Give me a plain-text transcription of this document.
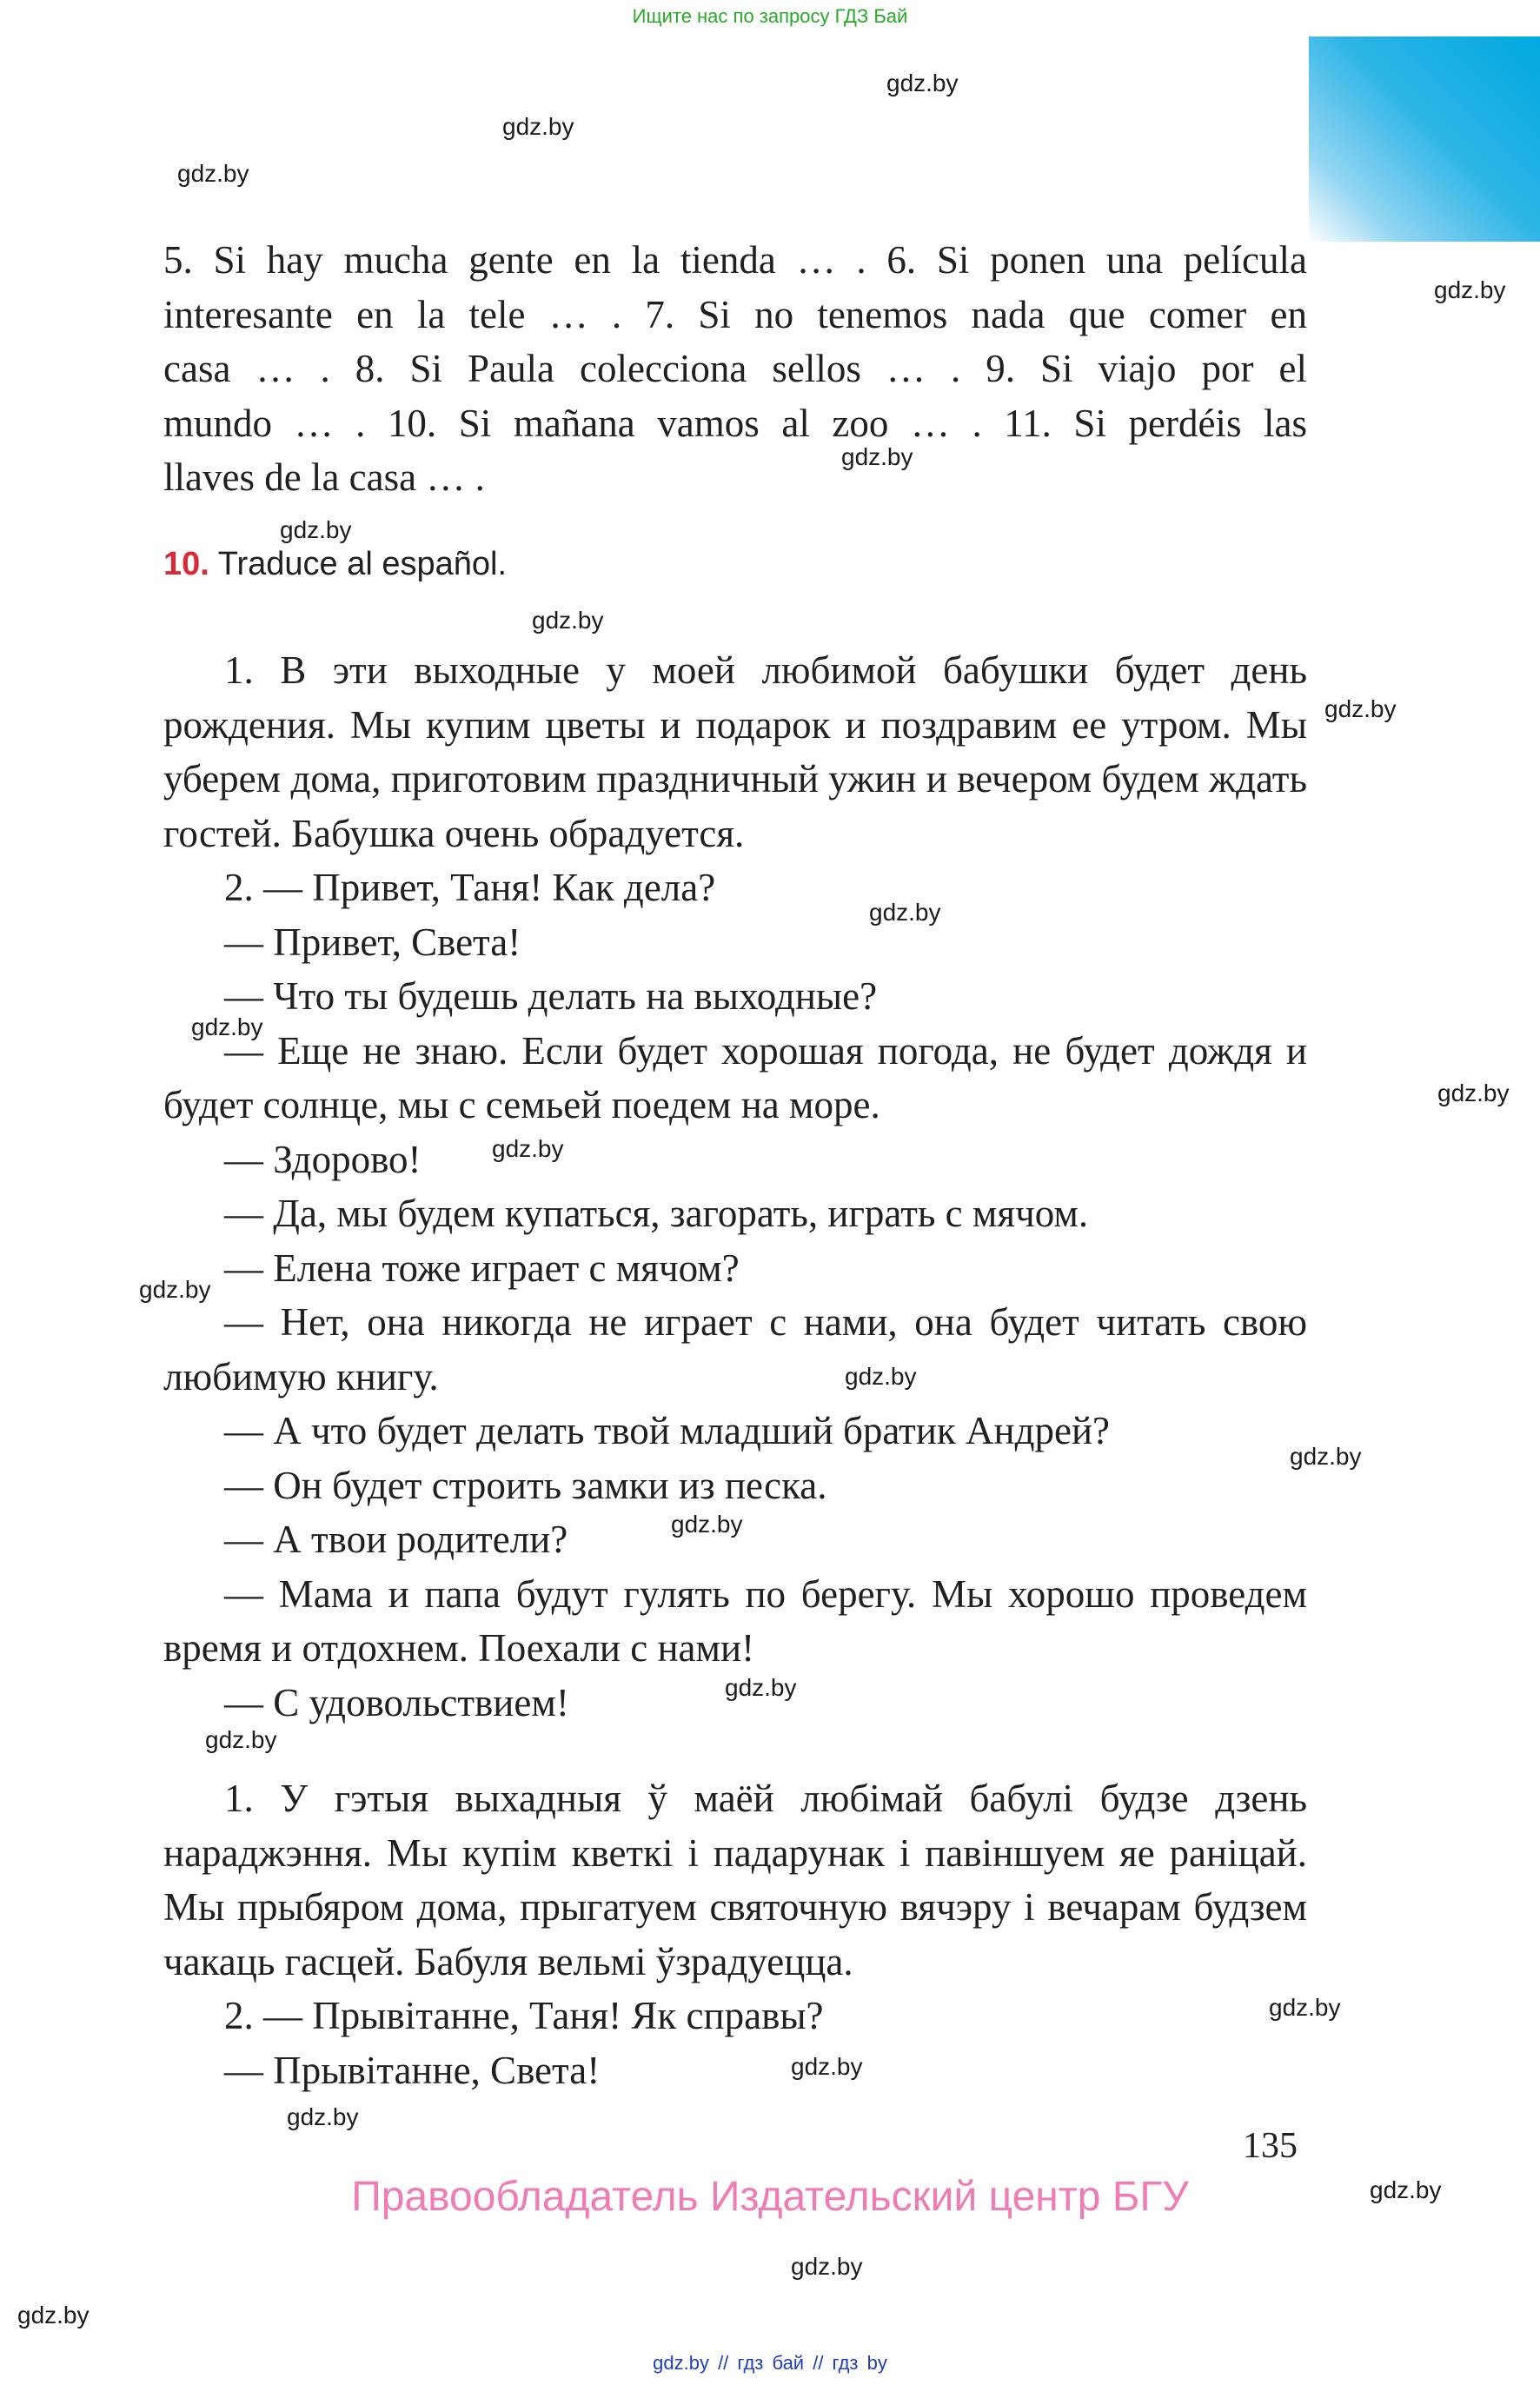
Ищите нас по запросу ГДЗ Бай
5. Si hay mucha gente en la tienda … . 6. Si ponen una película
interesante en la tele … . 7. Si no tenemos nada que comer en
casa … . 8. Si Paula colecciona sellos … . 9. Si viajo por el
mundo … . 10. Si mañana vamos al zoo … . 11. Si perdéis las
llaves de la casa … .
10. Traduce al español.

1. В эти выходные у моей любимой бабушки будет день рождения. Мы купим цветы и подарок и поздравим ее утром. Мы уберем дома, приготовим праздничный ужин и вечером будем ждать гостей. Бабушка очень обрадуется.

2. — Привет, Таня! Как дела?

— Привет, Света!

— Что ты будешь делать на выходные?

— Еще не знаю. Если будет хорошая погода, не будет дождя и будет солнце, мы с семьей поедем на море.

— Здорово!

— Да, мы будем купаться, загорать, играть с мячом.

— Елена тоже играет с мячом?

— Нет, она никогда не играет с нами, она будет читать свою любимую книгу.

— А что будет делать твой младший братик Андрей?

— Он будет строить замки из песка.

— А твои родители?

— Мама и папа будут гулять по берегу. Мы хорошо проведем время и отдохнем. Поехали с нами!

— С удовольствием!

1. У гэтыя выхадныя ў маёй любімай бабулі будзе дзень нараджэння. Мы купім кветкі і падарунак і павіншуем яе раніцай. Мы прыбяром дома, прыгатуем святочную вячэру і вечарам будзем чакаць гасцей. Бабуля вельмі ўзрадуецца.

2. — Прывітанне, Таня! Як справы?

— Прывітанне, Света!

135
Правообладатель Издательский центр БГУ
gdz.by // гдз бай // гдз by
gdz.by
gdz.by
gdz.by
gdz.by
gdz.by
gdz.by
gdz.by
gdz.by
gdz.by
gdz.by
gdz.by
gdz.by
gdz.by
gdz.by
gdz.by
gdz.by
gdz.by
gdz.by
gdz.by
gdz.by
gdz.by
gdz.by
gdz.by
gdz.by
